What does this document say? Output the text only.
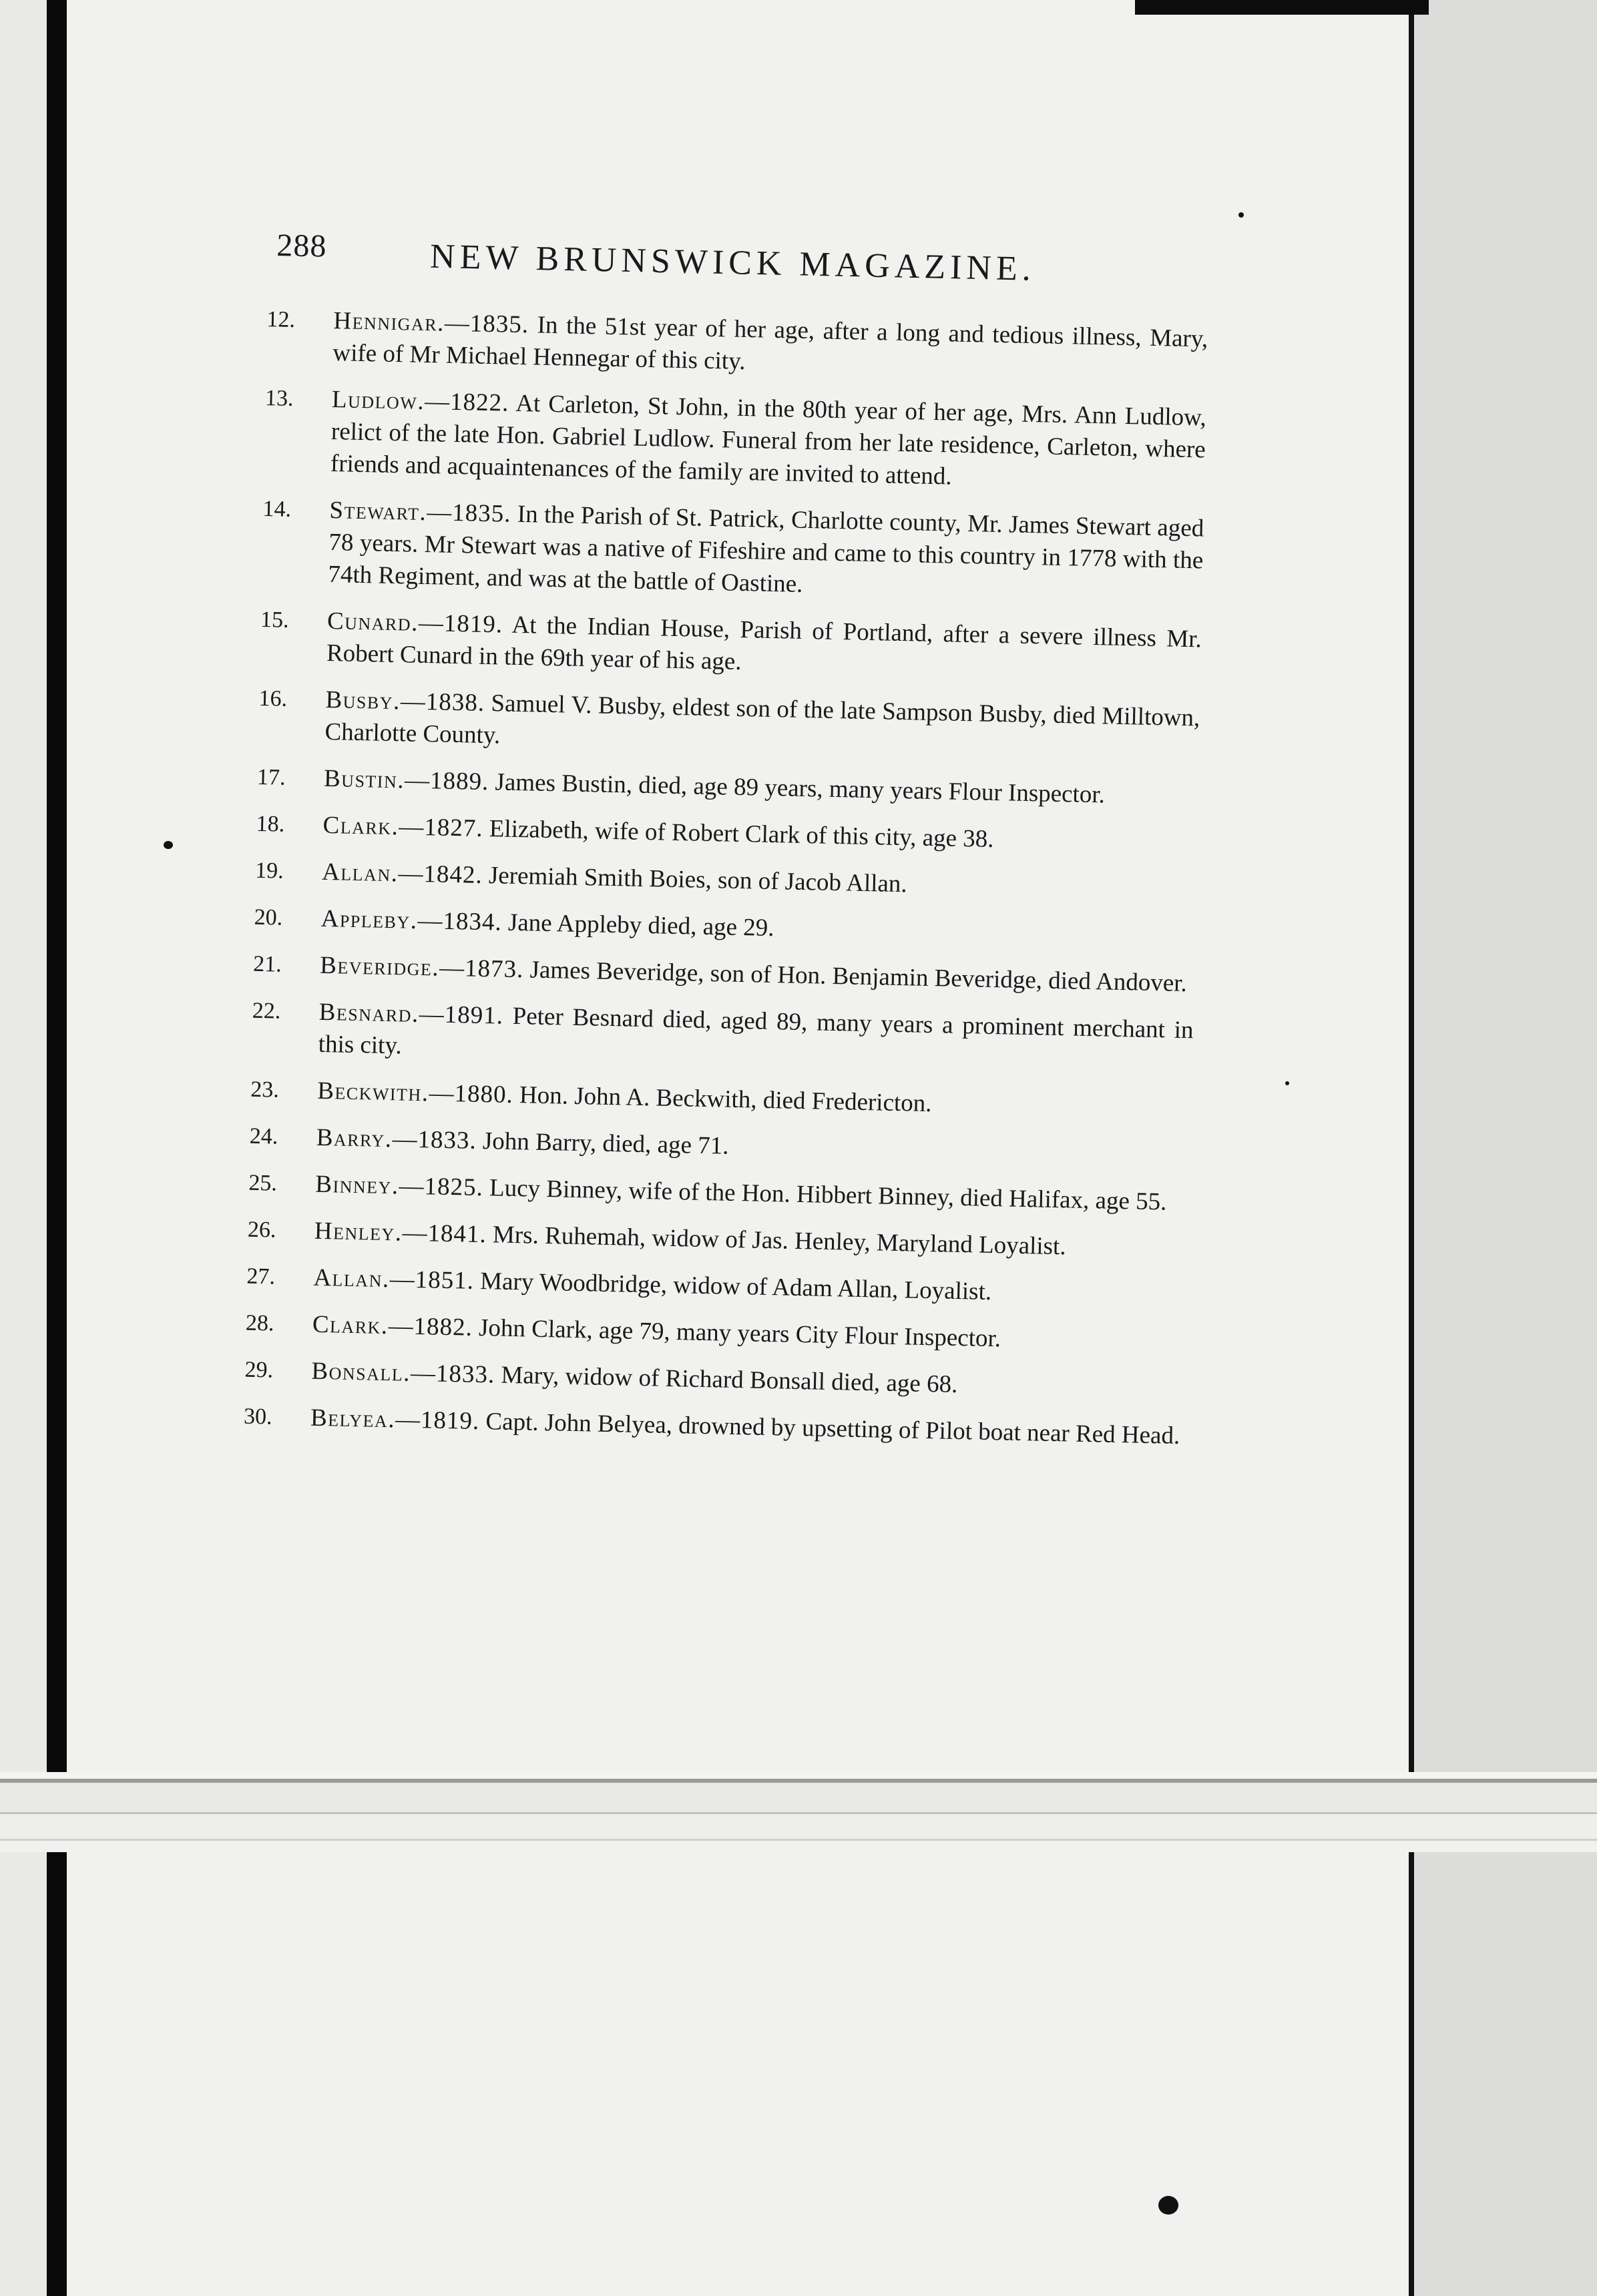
288	NEW BRUNSWICK MAGAZINE.
12. Hennigar.—1835. In the 51st year of her age, after a long and tedious illness, Mary, wife of Mr Michael Hennegar of this city.
13. Ludlow.—1822. At Carleton, St John, in the 80th year of her age, Mrs. Ann Ludlow, relict of the late Hon. Gabriel Ludlow. Funeral from her late residence, Carleton, where friends and acquaintenances of the family are invited to attend.
14. Stewart.—1835. In the Parish of St. Patrick, Charlotte county, Mr. James Stewart aged 78 years. Mr Stewart was a native of Fifeshire and came to this country in 1778 with the 74th Regiment, and was at the battle of Oastine.
15. Cunard.—1819. At the Indian House, Parish of Portland, after a severe illness Mr. Robert Cunard in the 69th year of his age.
16. Busby.—1838. Samuel V. Busby, eldest son of the late Sampson Busby, died Milltown, Charlotte County.
17. Bustin.—1889. James Bustin, died, age 89 years, many years Flour Inspector.
18. Clark.—1827. Elizabeth, wife of Robert Clark of this city, age 38.
19. Allan.—1842. Jeremiah Smith Boies, son of Jacob Allan.
20. Appleby.—1834. Jane Appleby died, age 29.
21. Beveridge.—1873. James Beveridge, son of Hon. Benjamin Beveridge, died Andover.
22. Besnard.—1891. Peter Besnard died, aged 89, many years a prominent merchant in this city.
23. Beckwith.—1880. Hon. John A. Beckwith, died Fredericton.
24. Barry.—1833. John Barry, died, age 71.
25. Binney.—1825. Lucy Binney, wife of the Hon. Hibbert Binney, died Halifax, age 55.
26. Henley.—1841. Mrs. Ruhemah, widow of Jas. Henley, Maryland Loyalist.
27. Allan.—1851. Mary Woodbridge, widow of Adam Allan, Loyalist.
28. Clark.—1882. John Clark, age 79, many years City Flour Inspector.
29. Bonsall.—1833. Mary, widow of Richard Bonsall died, age 68.
30. Belyea.—1819. Capt. John Belyea, drowned by upsetting of Pilot boat near Red Head.
